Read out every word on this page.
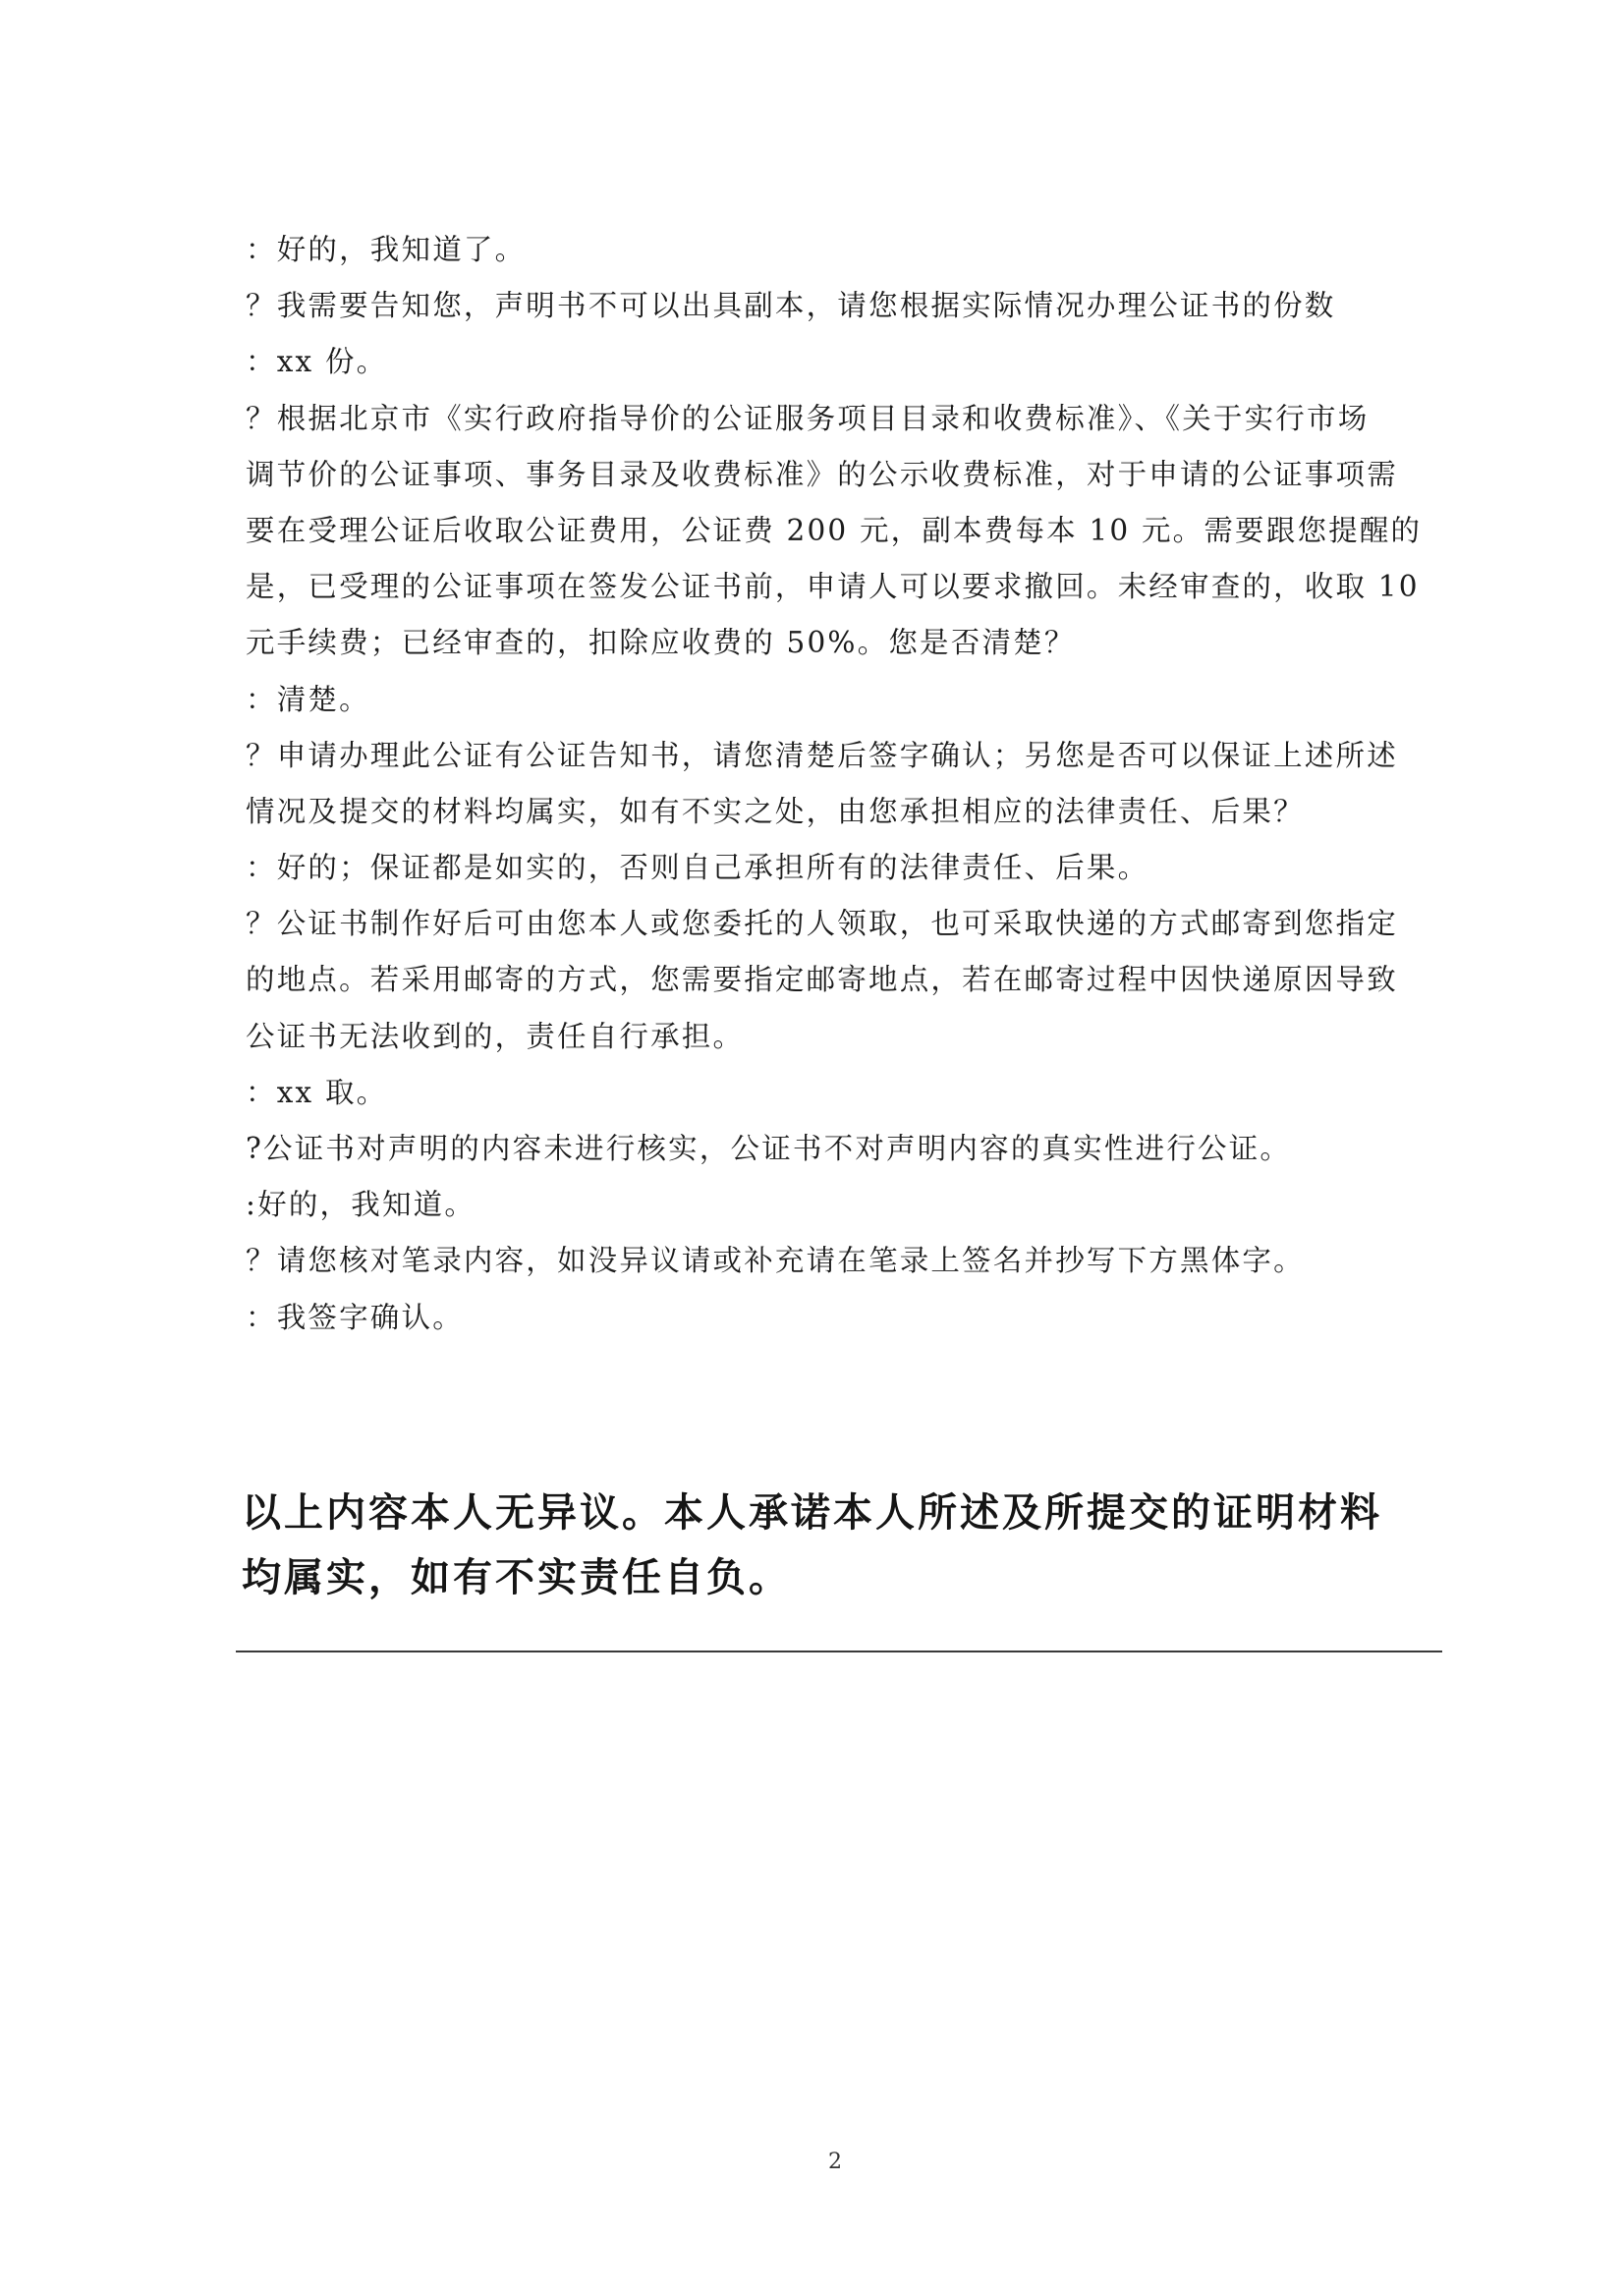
：好的，我知道了。

？我需要告知您，声明书不可以出具副本，请您根据实际情况办理公证书的份数

：xx 份。

？根据北京市《实行政府指导价的公证服务项目目录和收费标准》、《关于实行市场

调节价的公证事项、事务目录及收费标准》的公示收费标准，对于申请的公证事项需

要在受理公证后收取公证费用，公证费 200 元，副本费每本 10 元。需要跟您提醒的

是，已受理的公证事项在签发公证书前，申请人可以要求撤回。未经审查的，收取 10

元手续费；已经审查的，扣除应收费的 50%。您是否清楚？

：清楚。

？申请办理此公证有公证告知书，请您清楚后签字确认；另您是否可以保证上述所述

情况及提交的材料均属实，如有不实之处，由您承担相应的法律责任、后果？

：好的；保证都是如实的，否则自己承担所有的法律责任、后果。

？公证书制作好后可由您本人或您委托的人领取，也可采取快递的方式邮寄到您指定

的地点。若采用邮寄的方式，您需要指定邮寄地点，若在邮寄过程中因快递原因导致

公证书无法收到的，责任自行承担。

：xx 取。

?公证书对声明的内容未进行核实，公证书不对声明内容的真实性进行公证。

:好的，我知道。

？请您核对笔录内容，如没异议请或补充请在笔录上签名并抄写下方黑体字。

：我签字确认。

以上内容本人无异议。本人承诺本人所述及所提交的证明材料
均属实，如有不实责任自负。
2
